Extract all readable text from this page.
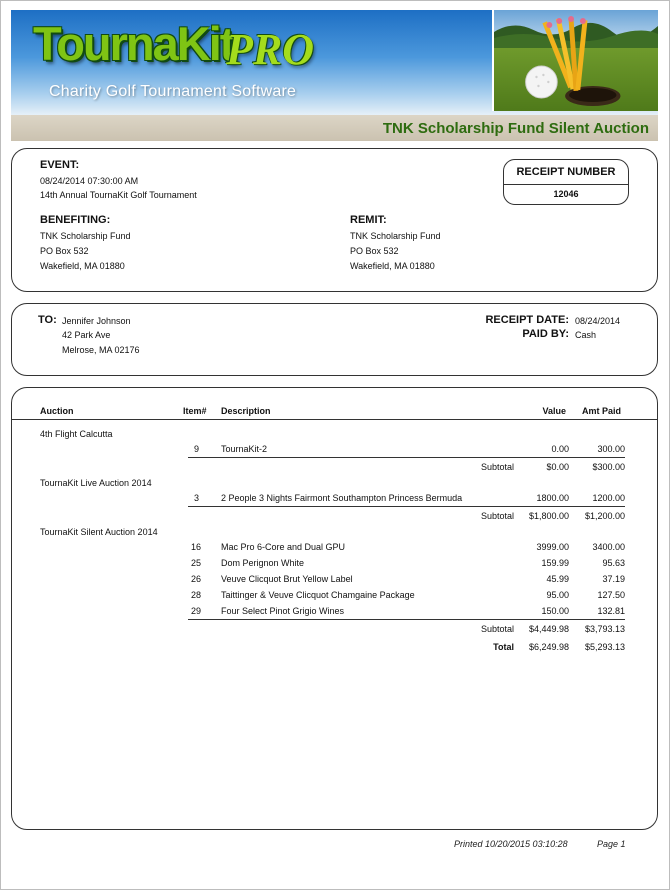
TournaKit
PRO
Charity Golf Tournament Software
TNK Scholarship Fund Silent Auction
EVENT:
08/24/2014 07:30:00 AM
14th Annual TournaKit Golf Tournament
RECEIPT NUMBER
12046
BENEFITING:
TNK Scholarship Fund
PO Box 532
Wakefield, MA 01880
REMIT:
TNK Scholarship Fund
PO Box 532
Wakefield, MA 01880
TO: Jennifer Johnson
42 Park Ave
Melrose, MA 02176
RECEIPT DATE: 08/24/2014
PAID BY: Cash
Auction	Item# Description	Value Amt Paid
4th Flight Calcutta
9 TournaKit-2	0.00	300.00
Subtotal	$0.00	$300.00
TournaKit Live Auction 2014
3 2 People 3 Nights Fairmont Southampton Princess Bermuda	1800.00	1200.00
Subtotal $1,800.00 $1,200.00
TournaKit Silent Auction 2014
16 Mac Pro 6-Core and Dual GPU	3999.00	3400.00
25 Dom Perignon White	159.99	95.63
26 Veuve Clicquot Brut Yellow Label	45.99	37.19
28 Taittinger & Veuve Clicquot Chamgaine Package	95.00	127.50
29 Four Select Pinot Grigio Wines	150.00	132.81
Subtotal $4,449.98 $3,793.13
Total $6,249.98 $5,293.13
Printed 10/20/2015 03:10:28	Page 1
